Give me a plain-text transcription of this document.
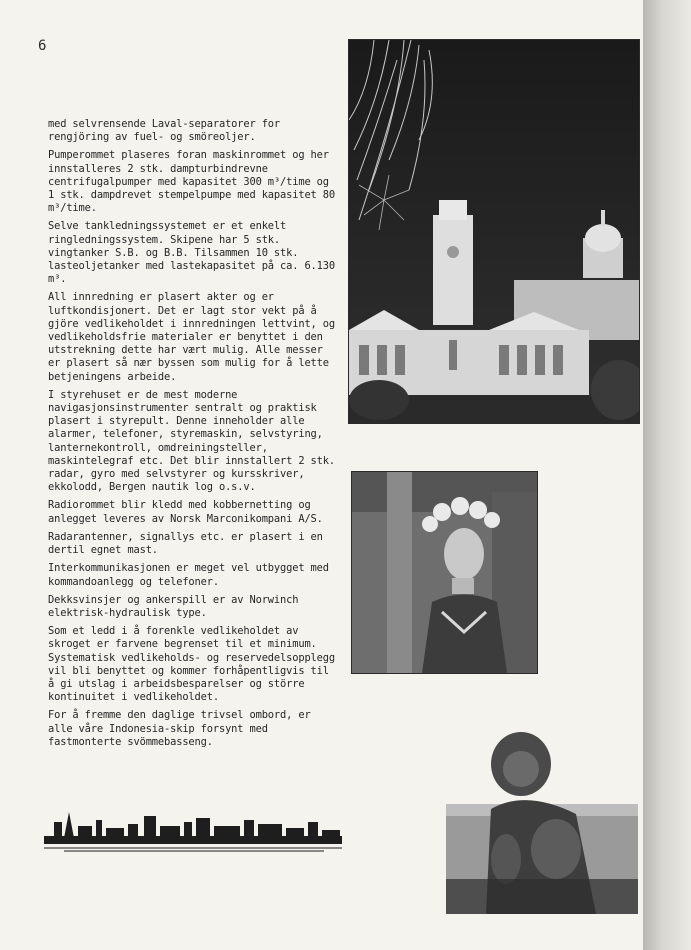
6

med selvrensende Laval-separatorer for rengjöring av fuel- og smöreoljer.

Pumperommet plaseres foran maskinrommet og her innstalleres 2 stk. dampturbindrevne centrifugalpumper med kapasitet 300 m³/time og 1 stk. dampdrevet stempelpumpe med kapasitet 80 m³/time.

Selve tankledningssystemet er et enkelt ringledningssystem. Skipene har 5 stk. vingtanker S.B. og B.B. Tilsammen 10 stk. lasteoljetanker med lastekapasitet på ca. 6.130 m³.

All innredning er plasert akter og er luftkondisjonert. Det er lagt stor vekt på å gjöre vedlikeholdet i innredningen lettvint, og vedlikeholdsfrie materialer er benyttet i den utstrekning dette har vært mulig. Alle messer er plasert så nær byssen som mulig for å lette betjeningens arbeide.

I styrehuset er de mest moderne navigasjonsinstrumenter sentralt og praktisk plasert i styrepult. Denne inneholder alle alarmer, telefoner, styremaskin, selvstyring, lanternekontroll, omdreiningsteller, maskintelegraf etc. Det blir innstallert 2 stk. radar, gyro med selvstyrer og kursskriver, ekkolodd, Bergen nautik log o.s.v.

Radiorommet blir kledd med kobbernetting og anlegget leveres av Norsk Marconikompani A/S.

Radarantenner, signallys etc. er plasert i en dertil egnet mast.

Interkommunikasjonen er meget vel utbygget med kommandoanlegg og telefoner.

Dekksvinsjer og ankerspill er av Norwinch elektrisk-hydraulisk type.

Som et ledd i å forenkle vedlikeholdet av skroget er farvene begrenset til et minimum. Systematisk vedlikeholds- og reservedelsopplegg vil bli benyttet og kommer forhåpentligvis til å gi utslag i arbeidsbesparelser og större kontinuitet i vedlikeholdet.

For å fremme den daglige trivsel ombord, er alle våre Indonesia-skip forsynt med fastmonterte svömmebasseng.
